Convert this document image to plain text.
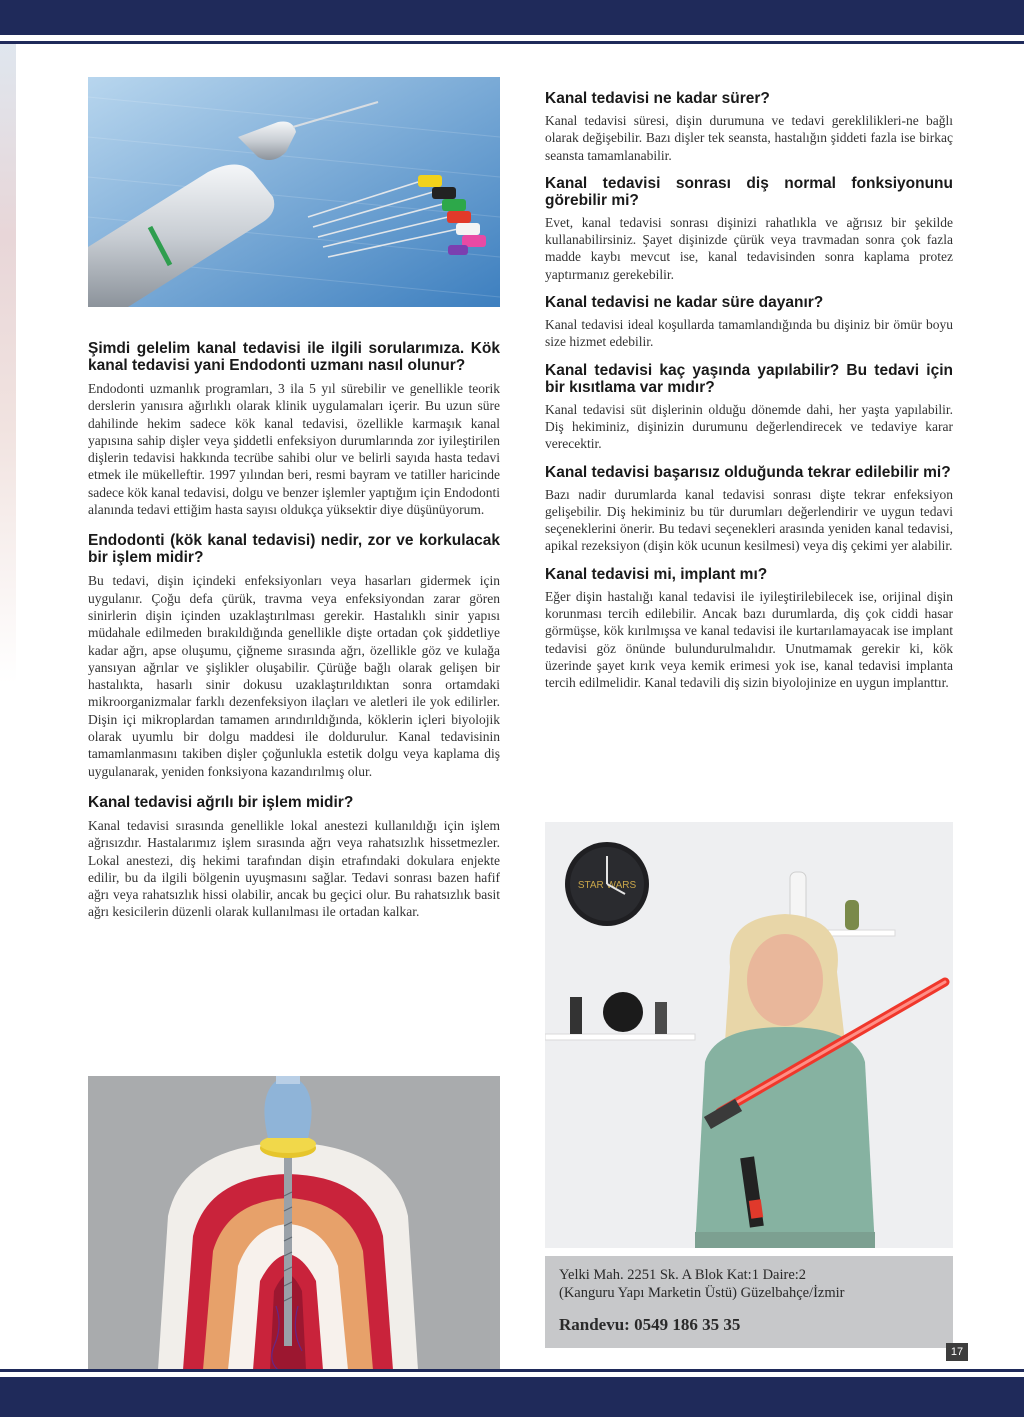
Şimdi gelelim kanal tedavisi ile ilgili sorularımıza. Kök kanal tedavisi yani Endodonti uzmanı nasıl olunur?

Endodonti uzmanlık programları, 3 ila 5 yıl sürebilir ve genellikle teorik derslerin yanısıra ağırlıklı olarak klinik uygulamaları içerir. Bu uzun süre dahilinde hekim sadece kök kanal tedavisi, özellikle karmaşık kanal yapısına sahip dişler veya şiddetli enfeksiyon durumlarında zor iyileştirilen dişlerin tedavisi hakkında tecrübe sahibi olur ve belirli sayıda hasta tedavi etmek ile mükelleftir. 1997 yılından beri, resmi bayram ve tatiller haricinde sadece kök kanal tedavisi, dolgu ve benzer işlemler yaptığım için Endodonti alanında tedavi ettiğim hasta sayısı oldukça yüksektir diye düşünüyorum.

Endodonti (kök kanal tedavisi) nedir, zor ve korkulacak bir işlem midir?

Bu tedavi, dişin içindeki enfeksiyonları veya hasarları gidermek için uygulanır. Çoğu defa çürük, travma veya enfeksiyondan zarar gören sinirlerin dişin içinden uzaklaştırılması gerekir. Hastalıklı sinir yapısı müdahale edilmeden bırakıldığında genellikle dişte ortadan çok şiddetliye kadar ağrı, apse oluşumu, çiğneme sırasında ağrı, özellikle göz ve kulağa yansıyan ağrılar ve şişlikler oluşabilir. Çürüğe bağlı olarak gelişen bir hastalıkta, hasarlı sinir dokusu uzaklaştırıldıktan sonra ortamdaki mikroorganizmalar farklı dezenfeksiyon ilaçları ve aletleri ile yok edilirler. Dişin içi mikroplardan tamamen arındırıldığında, köklerin içleri biyolojik olarak uyumlu bir dolgu maddesi ile doldurulur. Kanal tedavisinin tamamlanmasını takiben dişler çoğunlukla estetik dolgu veya kaplama diş uygulanarak, yeniden fonksiyona kazandırılmış olur.

Kanal tedavisi ağrılı bir işlem midir?

Kanal tedavisi sırasında genellikle lokal anestezi kullanıldığı için işlem ağrısızdır. Hastalarımız işlem sırasında ağrı veya rahatsızlık hissetmezler. Lokal anestezi, diş hekimi tarafından dişin etrafındaki dokulara enjekte edilir, bu da ilgili bölgenin uyuşmasını sağlar. Tedavi sonrası bazen hafif ağrı veya rahatsızlık hissi olabilir, ancak bu geçici olur. Bu rahatsızlık basit ağrı kesicilerin düzenli olarak kullanılması ile ortadan kalkar.

Kanal tedavisi ne kadar sürer?

Kanal tedavisi süresi, dişin durumuna ve tedavi gereklilikleri-ne bağlı olarak değişebilir. Bazı dişler tek seansta, hastalığın şiddeti fazla ise birkaç seansta tamamlanabilir.

Kanal tedavisi sonrası diş normal fonksiyonunu görebilir mi?

Evet, kanal tedavisi sonrası dişinizi rahatlıkla ve ağrısız bir şekilde kullanabilirsiniz. Şayet dişinizde çürük veya travmadan sonra çok fazla madde kaybı mevcut ise, kanal tedavisinden sonra kaplama protez yaptırmanız gerekebilir.

Kanal tedavisi ne kadar süre dayanır?

Kanal tedavisi ideal koşullarda tamamlandığında bu dişiniz bir ömür boyu size hizmet edebilir.

Kanal tedavisi kaç yaşında yapılabilir? Bu tedavi için bir kısıtlama var mıdır?

Kanal tedavisi süt dişlerinin olduğu dönemde dahi, her yaşta yapılabilir. Diş hekiminiz, dişinizin durumunu değerlendirecek ve tedaviye karar verecektir.

Kanal tedavisi başarısız olduğunda tekrar edilebilir mi?

Bazı nadir durumlarda kanal tedavisi sonrası dişte tekrar enfeksiyon gelişebilir. Diş hekiminiz bu tür durumları değerlendirir ve uygun tedavi seçeneklerini önerir. Bu tedavi seçenekleri arasında yeniden kanal tedavisi, apikal rezeksiyon (dişin kök ucunun kesilmesi) veya diş çekimi yer alabilir.

Kanal tedavisi mi, implant mı?

Eğer dişin hastalığı kanal tedavisi ile iyileştirilebilecek ise, orijinal dişin korunması tercih edilebilir. Ancak bazı durumlarda, diş çok ciddi hasar görmüşse, kök kırılmışsa ve kanal tedavisi ile kurtarılamayacak ise implant tedavisi göz önünde bulundurulmalıdır. Unutmamak gerekir ki, kök üzerinde şayet kırık veya kemik erimesi yok ise, kanal tedavisi implanta tercih edilmelidir. Kanal tedavili diş sizin biyolojinize en uygun implanttır.

STAR WARS
Yelki Mah. 2251 Sk. A Blok Kat:1 Daire:2
(Kanguru Yapı Marketin Üstü) Güzelbahçe/İzmir
Randevu: 0549 186 35 35
17
